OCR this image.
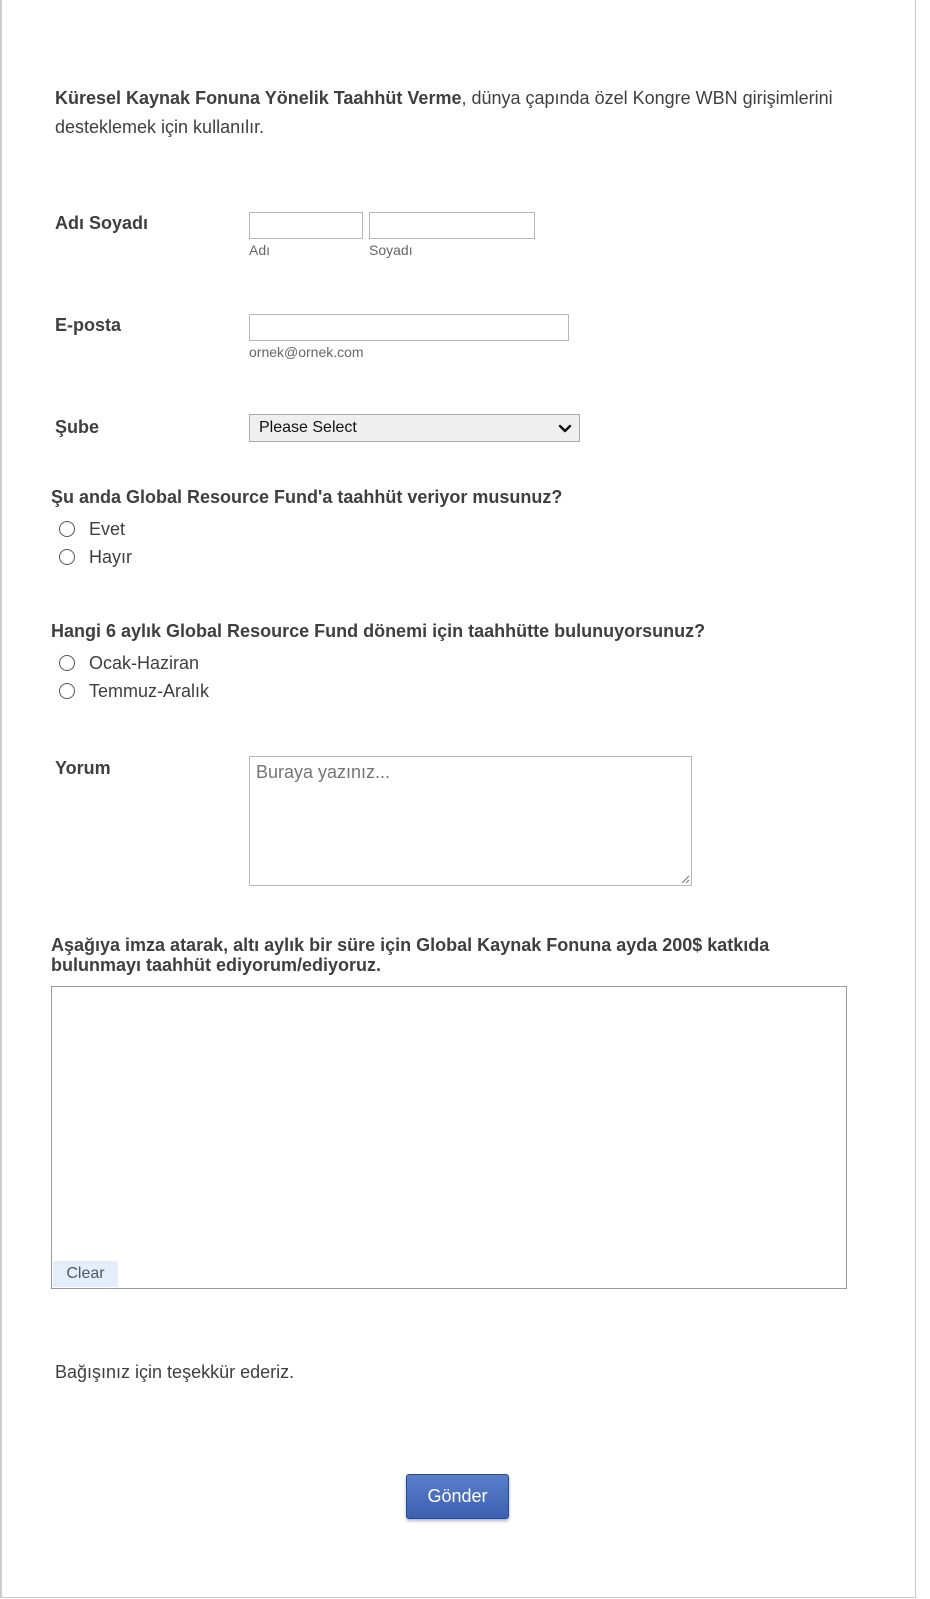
Küresel Kaynak Fonuna Yönelik Taahhüt Verme, dünya çapında özel Kongre WBN girişimlerini desteklemek için kullanılır.
Adı Soyadı
Adı	Soyadı
E-posta
ornek@ornek.com
Şube	Please Select
Şu anda Global Resource Fund'a taahhüt veriyor musunuz?
Evet
Hayır
Hangi 6 aylık Global Resource Fund dönemi için taahhütte bulunuyorsunuz?
Ocak-Haziran
Temmuz-Aralık
Yorum	Buraya yazınız...
Aşağıya imza atarak, altı aylık bir süre için Global Kaynak Fonuna ayda 200$ katkıda bulunmayı taahhüt ediyorum/ediyoruz.
Clear
Bağışınız için teşekkür ederiz.
Gönder
